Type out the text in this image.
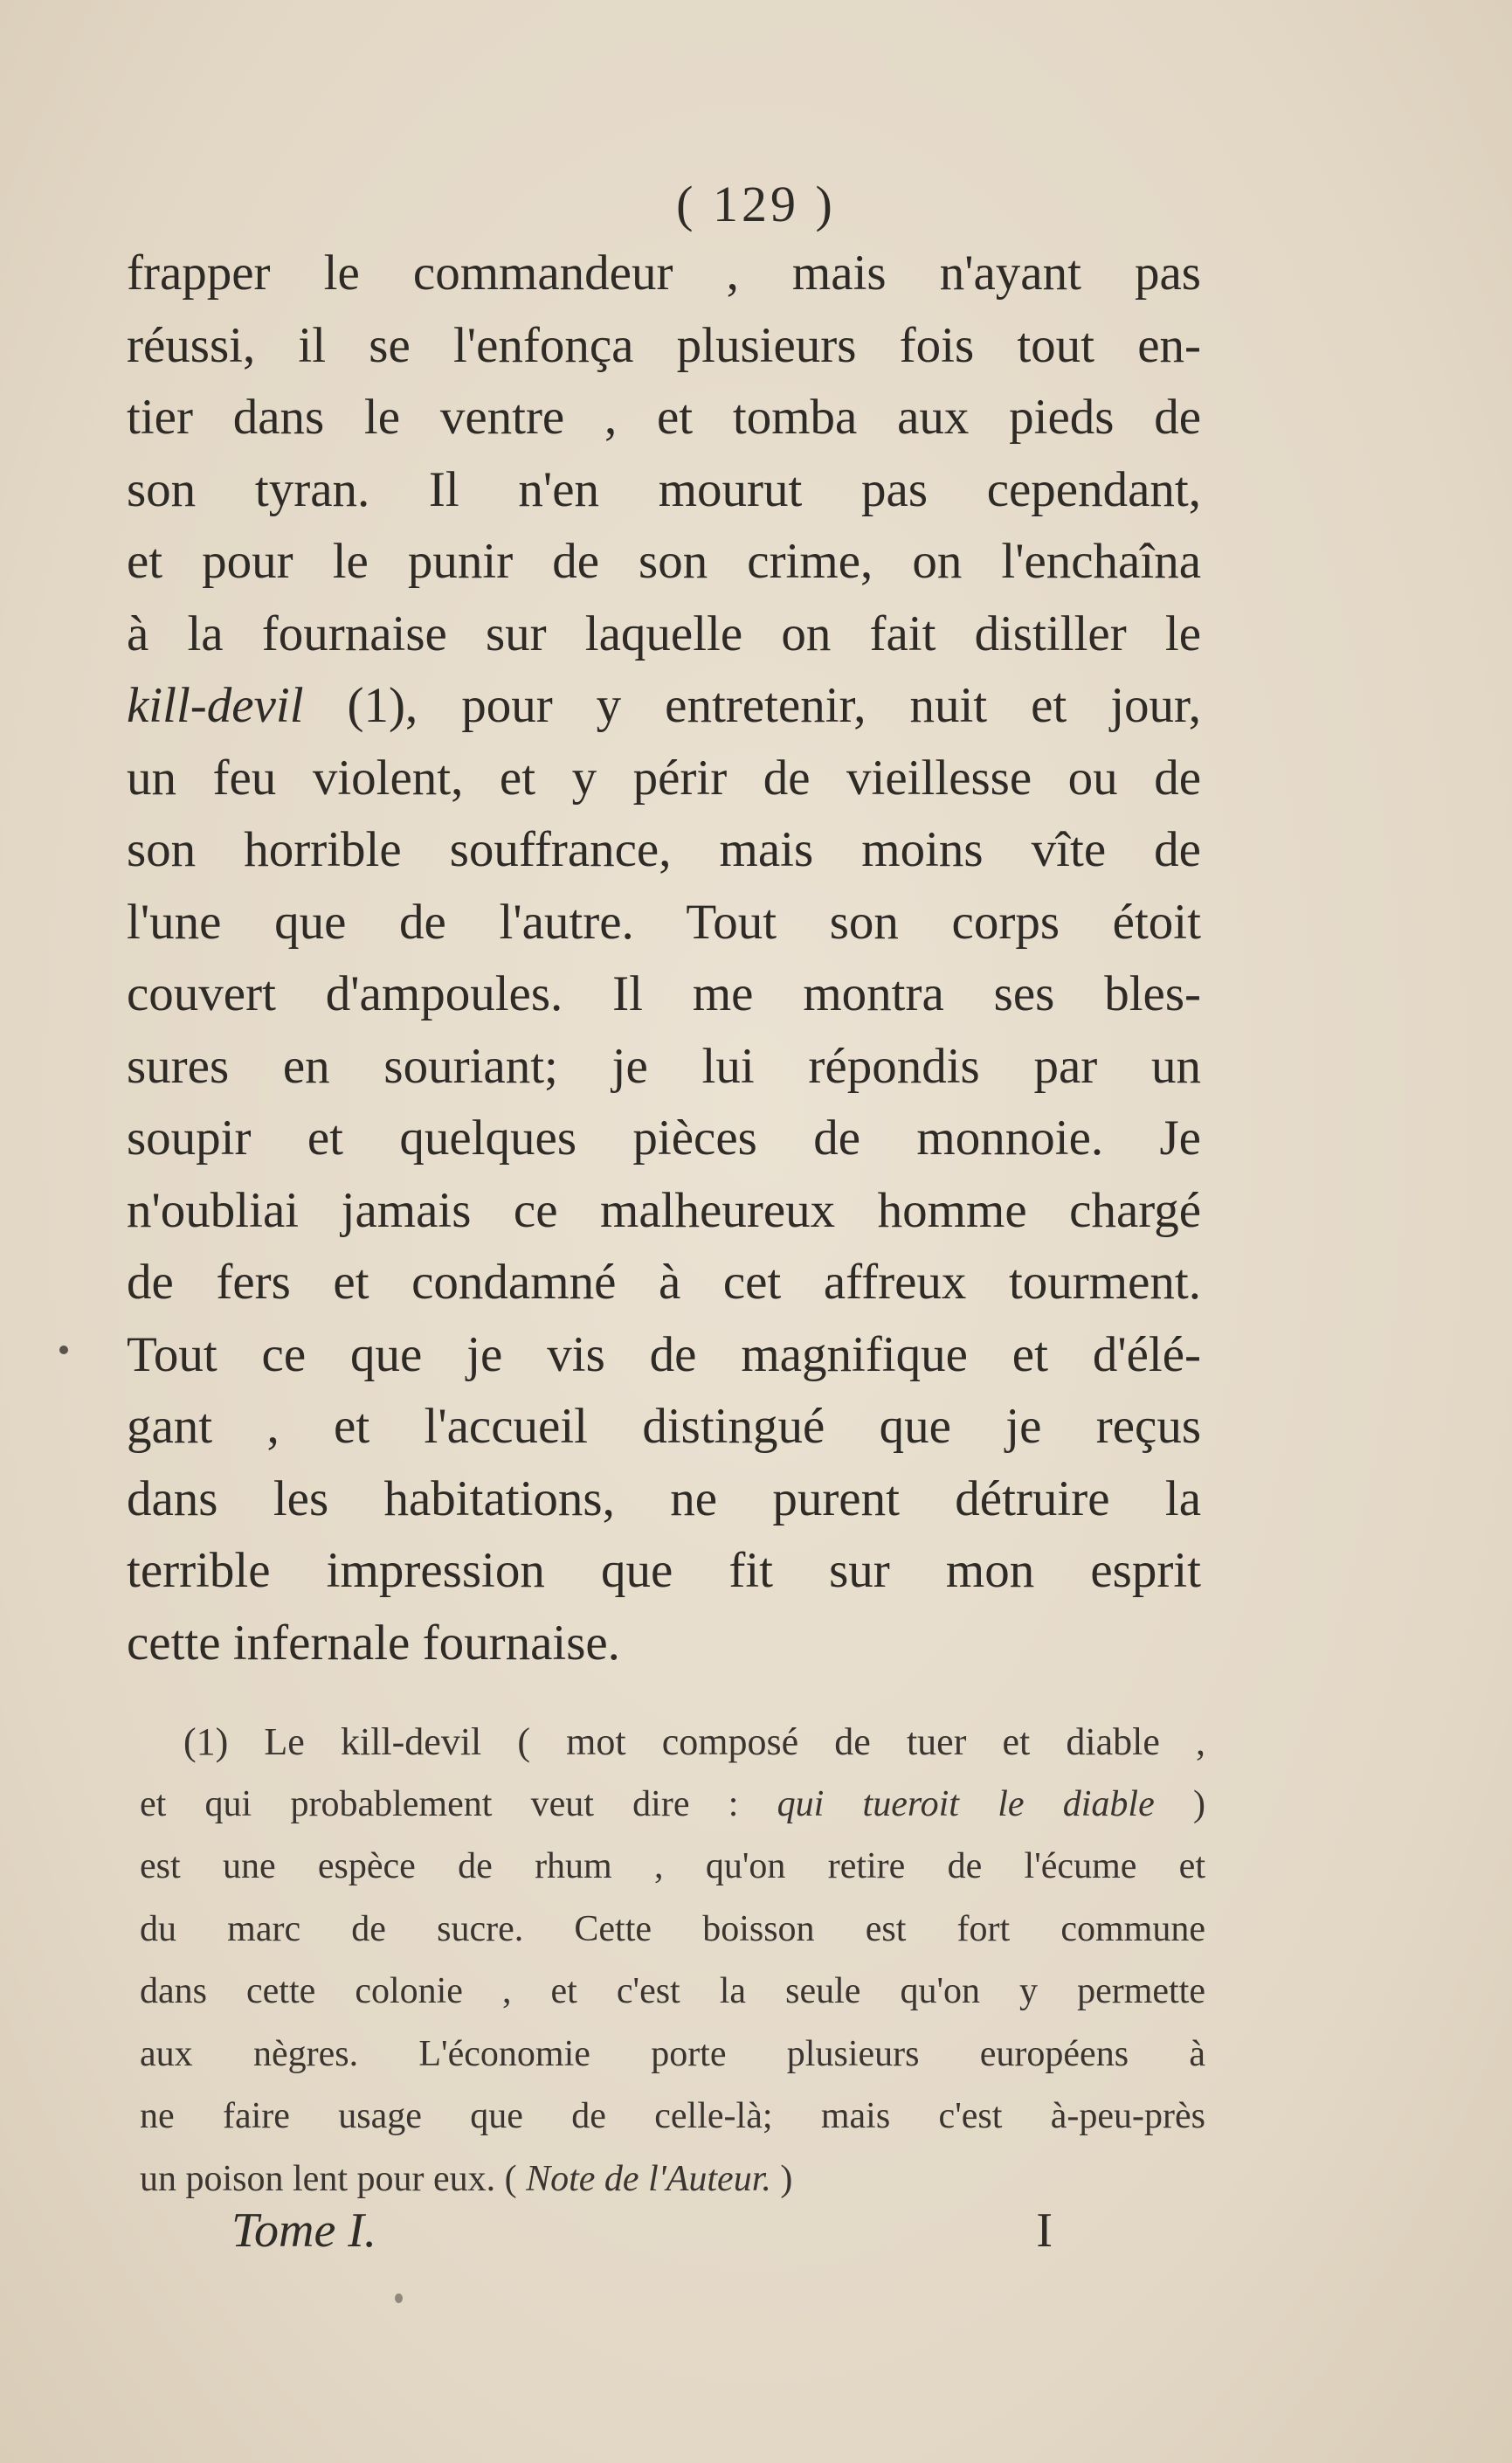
( 129 )
frapper le commandeur , mais n'ayant pas
réussi, il se l'enfonça plusieurs fois tout en-
tier dans le ventre , et tomba aux pieds de
son tyran. Il n'en mourut pas cependant,
et pour le punir de son crime, on l'enchaîna
à la fournaise sur laquelle on fait distiller le
kill-devil (1), pour y entretenir, nuit et jour,
un feu violent, et y périr de vieillesse ou de
son horrible souffrance, mais moins vîte de
l'une que de l'autre. Tout son corps étoit
couvert d'ampoules. Il me montra ses bles-
sures en souriant; je lui répondis par un
soupir et quelques pièces de monnoie. Je
n'oubliai jamais ce malheureux homme chargé
de fers et condamné à cet affreux tourment.
Tout ce que je vis de magnifique et d'élé-
gant , et l'accueil distingué que je reçus
dans les habitations, ne purent détruire la
terrible impression que fit sur mon esprit
cette infernale fournaise.
(1) Le kill-devil ( mot composé de tuer et diable ,
et qui probablement veut dire : qui tueroit le diable )
est une espèce de rhum , qu'on retire de l'écume et
du marc de sucre. Cette boisson est fort commune
dans cette colonie , et c'est la seule qu'on y permette
aux nègres. L'économie porte plusieurs européens à
ne faire usage que de celle-là; mais c'est à-peu-près
un poison lent pour eux. ( Note de l'Auteur. )
Tome I.	I
